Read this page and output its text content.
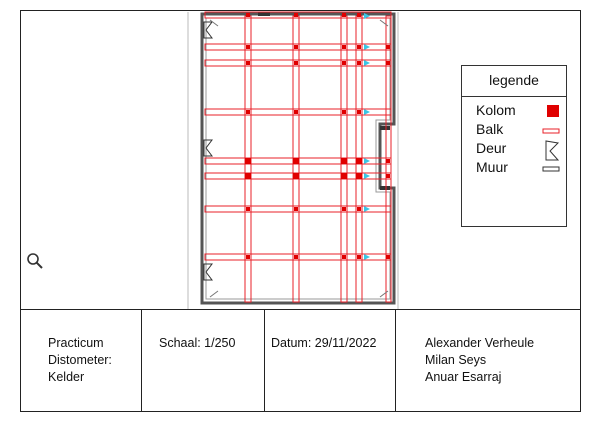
legende
Kolom
Balk
Deur
Muur
Practicum
Distometer:
Kelder
Schaal: 1/250	Datum: 29/11/2022	Alexander Verheule
Milan Seys
Anuar Esarraj
